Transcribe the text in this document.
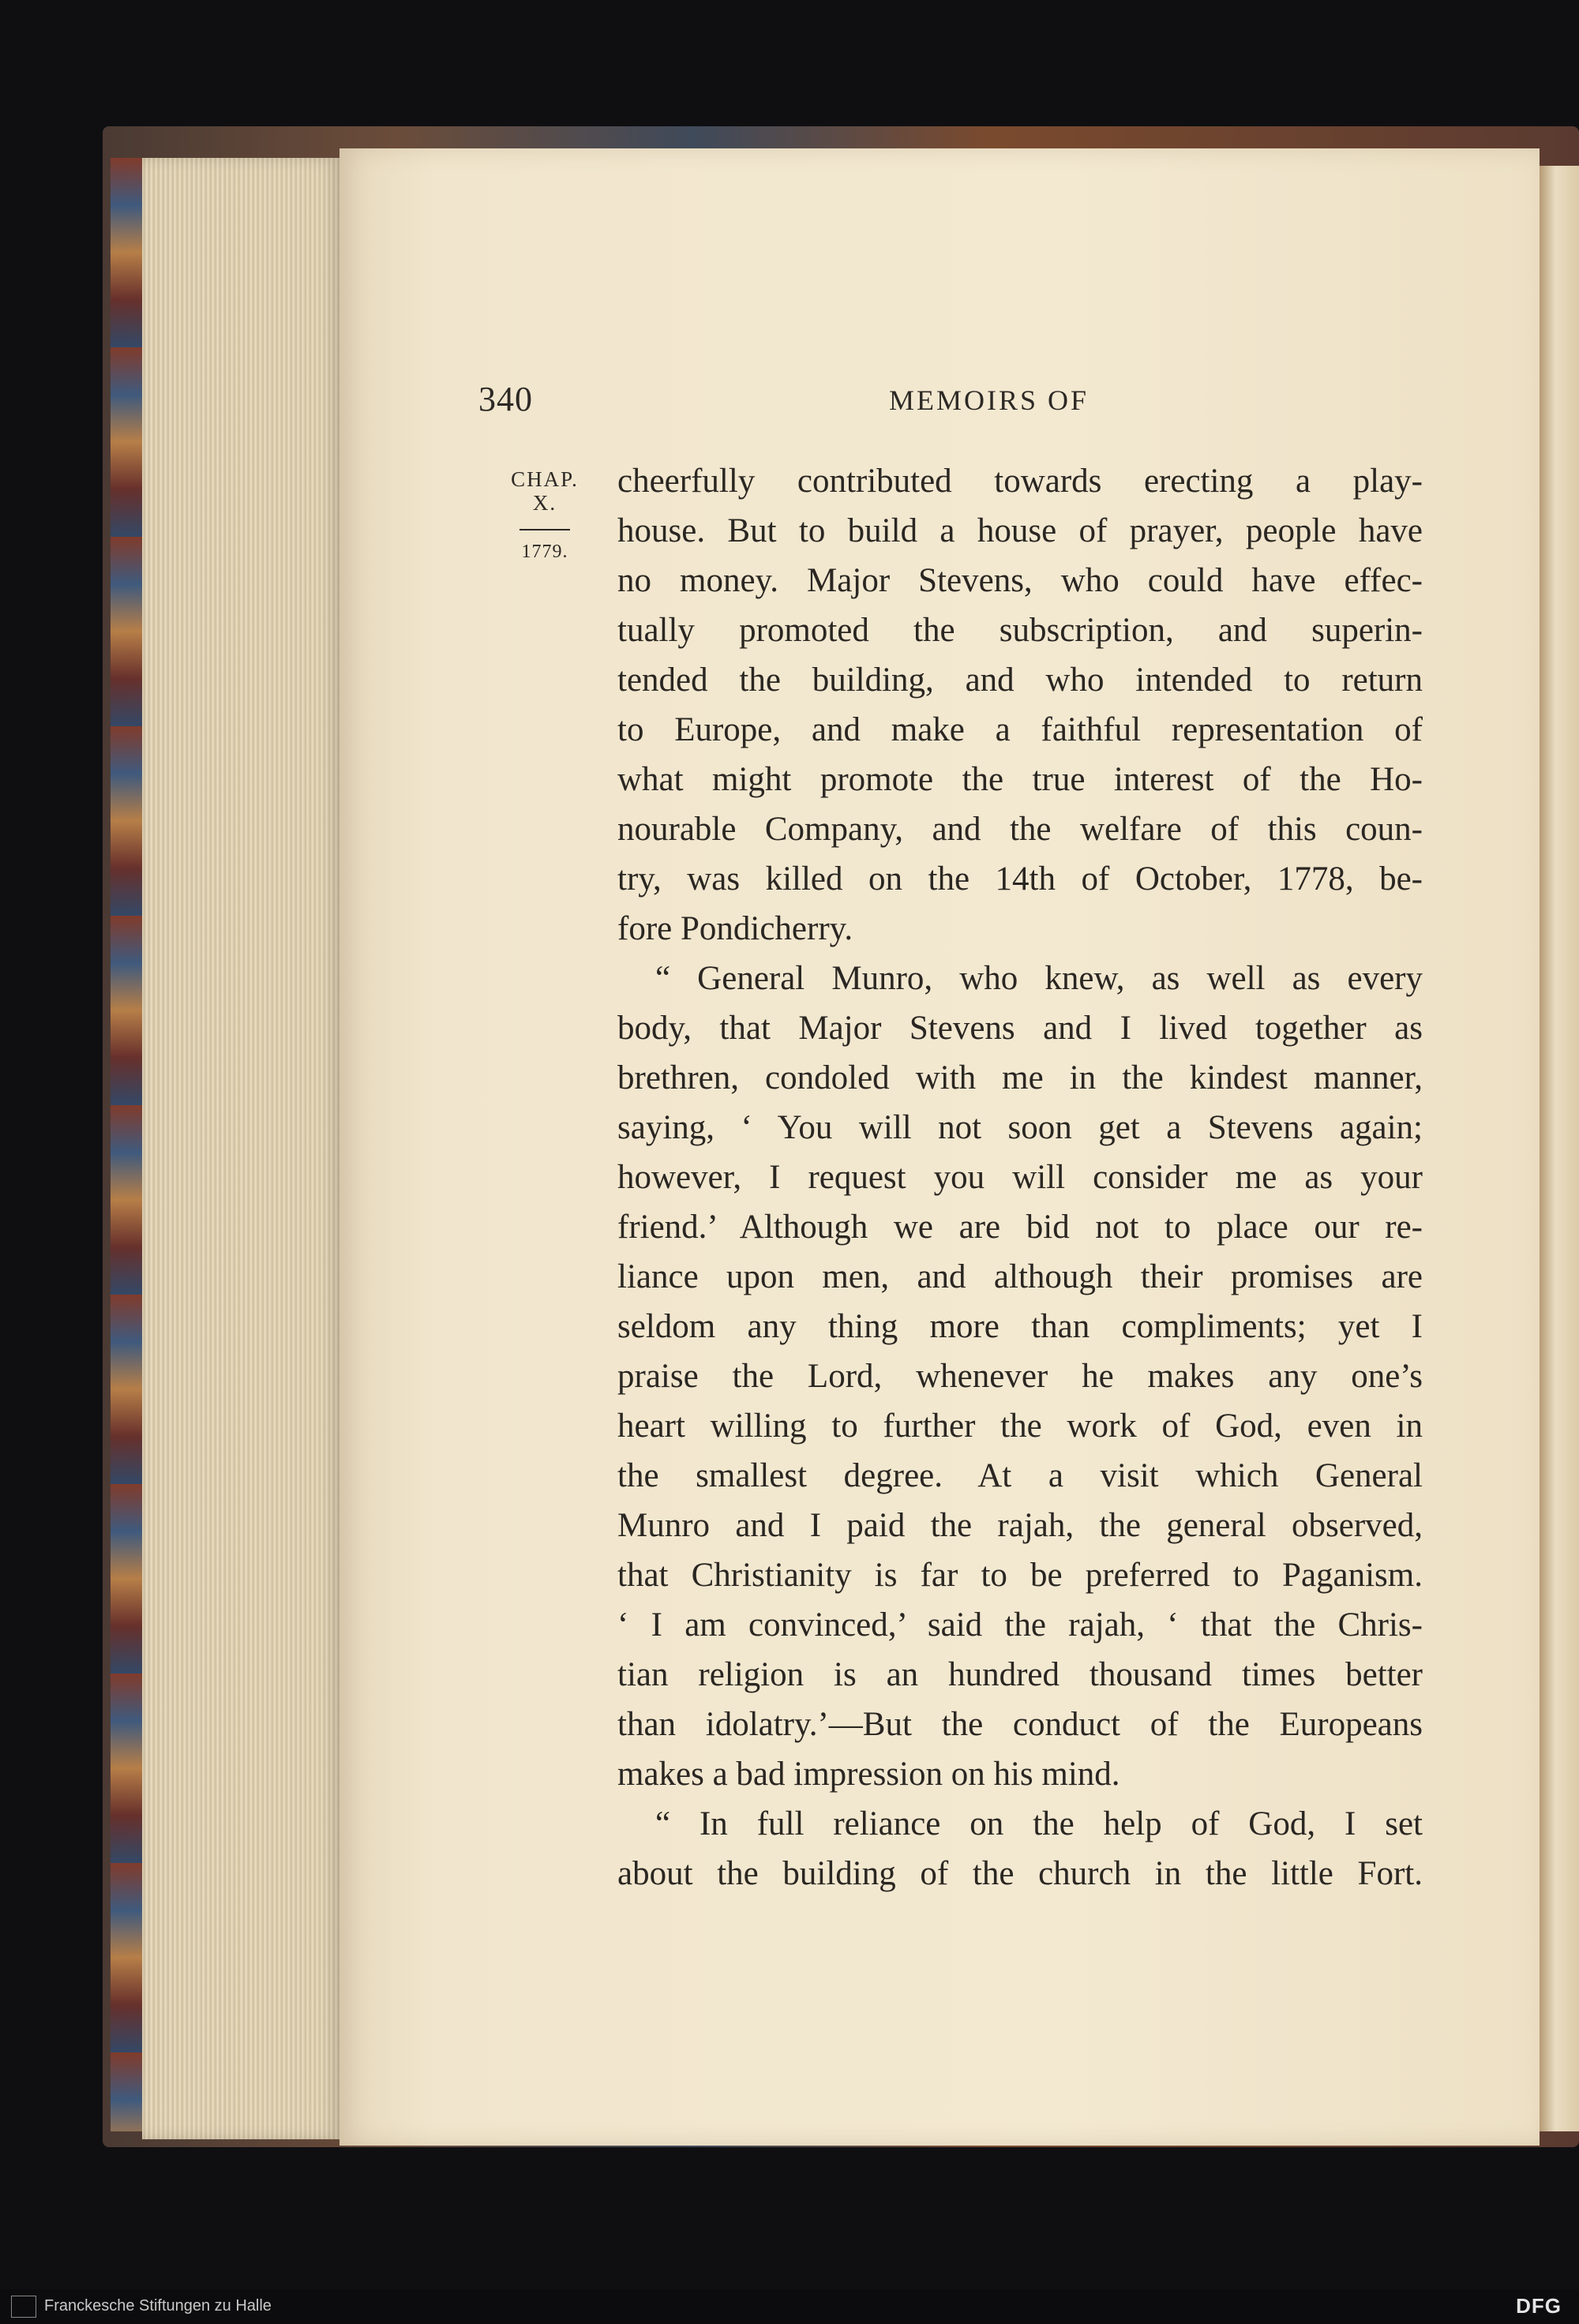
340	MEMOIRS OF
CHAP.
X.
1779.
cheerfully contributed towards erecting a play-
house. But to build a house of prayer, people have
no money. Major Stevens, who could have effec-
tually promoted the subscription, and superin-
tended the building, and who intended to return
to Europe, and make a faithful representation of
what might promote the true interest of the Ho-
nourable Company, and the welfare of this coun-
try, was killed on the 14th of October, 1778, be-
fore Pondicherry.
“ General Munro, who knew, as well as every
body, that Major Stevens and I lived together as
brethren, condoled with me in the kindest manner,
saying, ‘ You will not soon get a Stevens again;
however, I request you will consider me as your
friend.’ Although we are bid not to place our re-
liance upon men, and although their promises are
seldom any thing more than compliments; yet I
praise the Lord, whenever he makes any one’s
heart willing to further the work of God, even in
the smallest degree. At a visit which General
Munro and I paid the rajah, the general observed,
that Christianity is far to be preferred to Paganism.
‘ I am convinced,’ said the rajah, ‘ that the Chris-
tian religion is an hundred thousand times better
than idolatry.’—But the conduct of the Europeans
makes a bad impression on his mind.
“ In full reliance on the help of God, I set
about the building of the church in the little Fort.
Franckesche Stiftungen zu Halle	DFG
